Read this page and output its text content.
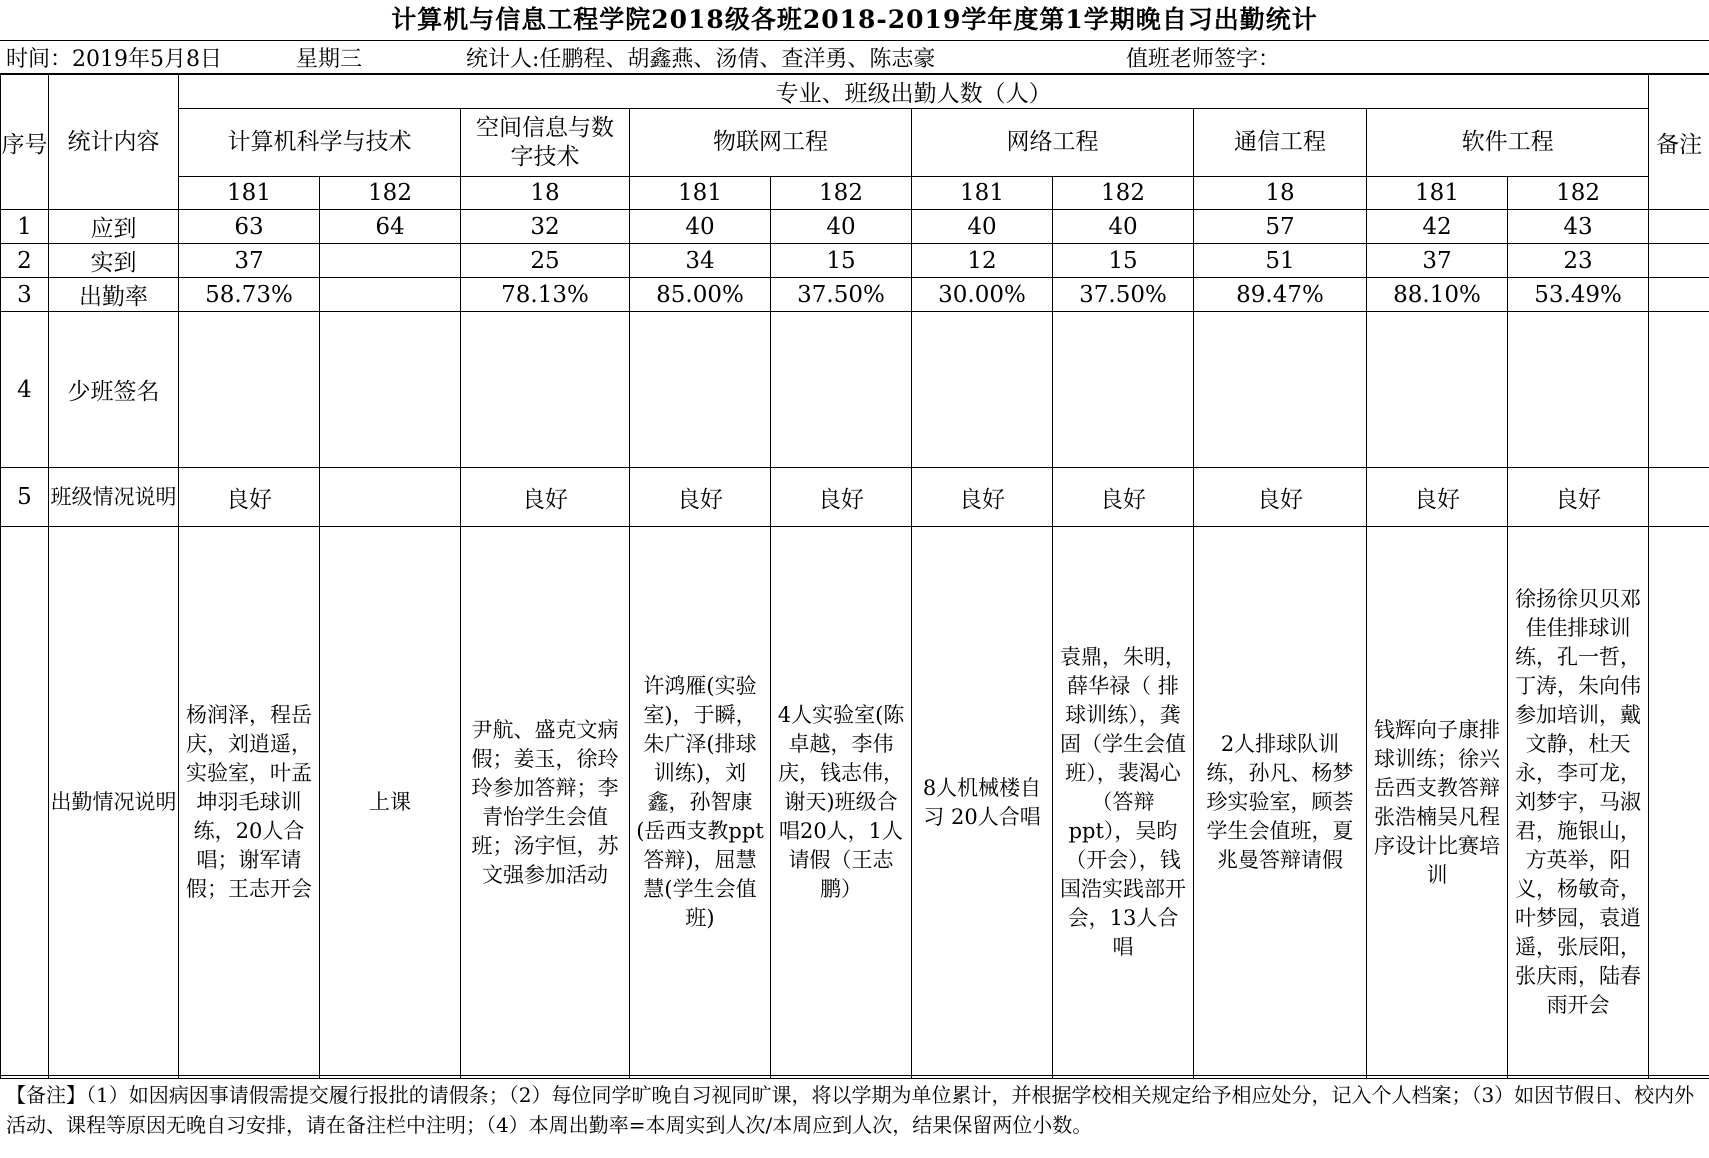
计算机与信息工程学院2018级各班2018-2019学年度第1学期晚自习出勤统计
时间：2019年5月8日	星期三	统计人:任鹏程、胡鑫燕、汤倩、查洋勇、陈志豪	值班老师签字：
序号	统计内容	专业、班级出勤人数（人）										备注
		计算机科学与技术		空间信息与数字技术	物联网工程		网络工程		通信工程	软件工程		
		181	182	18	181	182	181	182	18	181	182	
1	应到	63	64	32	40	40	40	40	57	42	43	
2	实到	37		25	34	15	12	15	51	37	23	
3	出勤率	58.73%		78.13%	85.00%	37.50%	30.00%	37.50%	89.47%	88.10%	53.49%	
4	少班签名											
5	班级情况说明	良好		良好	良好	良好	良好	良好	良好	良好	良好	
	出勤情况说明	杨润泽，程岳庆，刘逍遥，实验室，叶孟坤羽毛球训练，20人合唱；谢军请假；王志开会	上课	尹航、盛克文病假；姜玉，徐玲玲参加答辩；李青怡学生会值班；汤宇恒，苏文强参加活动	许鸿雁(实验室)，于瞬，朱广泽(排球训练)，刘鑫，孙智康(岳西支教ppt答辩)，屈慧慧(学生会值班)	4人实验室(陈卓越，李伟庆，钱志伟，谢天)班级合唱20人，1人请假（王志鹏）	8人机械楼自习 20人合唱	袁鼎，朱明，薛华禄（ 排球训练），龚固（学生会值班），裴渴心（答辩ppt），吴昀（开会），钱国浩实践部开会，13人合唱	2人排球队训练，孙凡、杨梦珍实验室，顾荟学生会值班，夏兆曼答辩请假	钱辉向子康排球训练；徐兴岳西支教答辩张浩楠吴凡程序设计比赛培训	徐扬徐贝贝邓佳佳排球训练，孔一哲，丁涛，朱向伟参加培训，戴文静，杜天永，李可龙，刘梦宇，马淑君，施银山，方英举，阳义，杨敏奇，叶梦园，袁逍遥，张辰阳，张庆雨，陆春雨开会	
【备注】（1）如因病因事请假需提交履行报批的请假条；（2）每位同学旷晚自习视同旷课，将以学期为单位累计，并根据学校相关规定给予相应处分，记入个人档案；（3）如因节假日、校内外活动、课程等原因无晚自习安排，请在备注栏中注明；（4）本周出勤率=本周实到人次/本周应到人次，结果保留两位小数。
